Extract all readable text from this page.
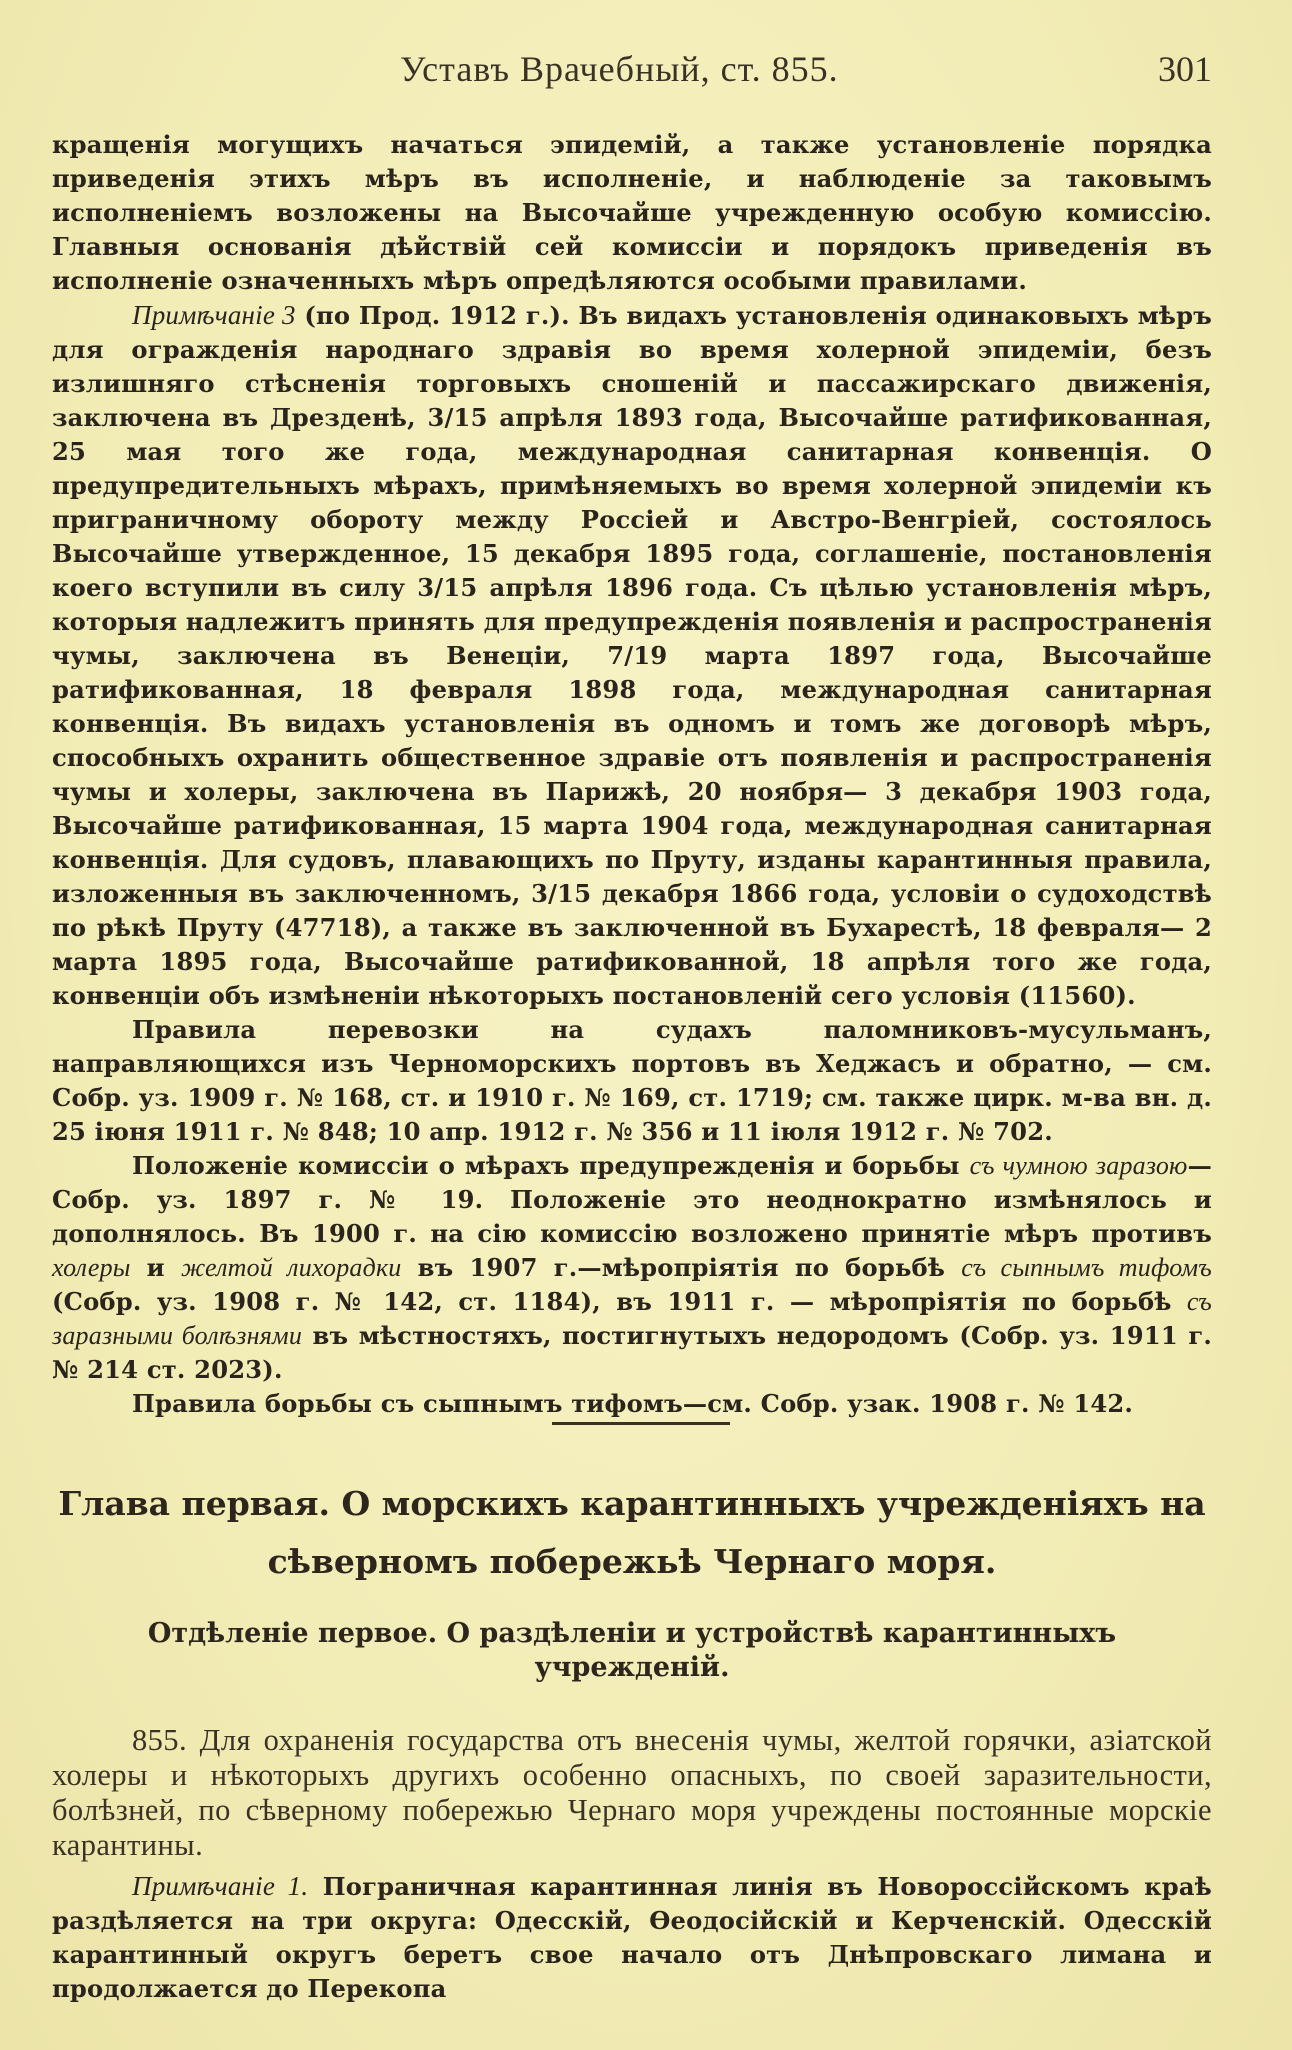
Уставъ Врачебный, ст. 855.	301

кращенія могущихъ начаться эпидемій, а также установленіе порядка приведенія этихъ мѣръ въ исполненіе, и наблюденіе за таковымъ исполненіемъ возложены на Высочайше учрежденную особую комиссію. Главныя основанія дѣйствій сей комиссіи и порядокъ приведенія въ исполненіе означенныхъ мѣръ опредѣляются особыми правилами.

Примѣчаніе 3 (по Прод. 1912 г.). Въ видахъ установленія одинаковыхъ мѣръ для огражденія народнаго здравія во время холерной эпидеміи, безъ излишняго стѣсненія торговыхъ сношеній и пассажирскаго движенія, заключена въ Дрезденѣ, 3/15 апрѣля 1893 года, Высочайше ратификованная, 25 мая того же года, международная санитарная конвенція. О предупредительныхъ мѣрахъ, примѣняемыхъ во время холерной эпидеміи къ приграничному обороту между Россіей и Австро-Венгріей, состоялось Высочайше утвержденное, 15 декабря 1895 года, соглашеніе, постановленія коего вступили въ силу 3/15 апрѣля 1896 года. Съ цѣлью установленія мѣръ, которыя надлежитъ принять для предупрежденія появленія и распространенія чумы, заключена въ Венеціи, 7/19 марта 1897 года, Высочайше ратификованная, 18 февраля 1898 года, международная санитарная конвенція. Въ видахъ установленія въ одномъ и томъ же договорѣ мѣръ, способныхъ охранить общественное здравіе отъ появленія и распространенія чумы и холеры, заключена въ Парижѣ, 20 ноября— 3 декабря 1903 года, Высочайше ратификованная, 15 марта 1904 года, международная санитарная конвенція. Для судовъ, плавающихъ по Пруту, изданы карантинныя правила, изложенныя въ заключенномъ, 3/15 декабря 1866 года, условіи о судоходствѣ по рѣкѣ Пруту (47718), а также въ заключенной въ Бухарестѣ, 18 февраля— 2 марта 1895 года, Высочайше ратификованной, 18 апрѣля того же года, конвенціи объ измѣненіи нѣкоторыхъ постановленій сего условія (11560).

Правила перевозки на судахъ паломниковъ-мусульманъ, направляющихся изъ Черноморскихъ портовъ въ Хеджасъ и обратно, — см. Собр. уз. 1909 г. № 168, ст. и 1910 г. № 169, ст. 1719; см. также цирк. м-ва вн. д. 25 іюня 1911 г. № 848; 10 апр. 1912 г. № 356 и 11 іюля 1912 г. № 702.

Положеніе комиссіи о мѣрахъ предупрежденія и борьбы съ чумною заразою— Собр. уз. 1897 г. № 19. Положеніе это неоднократно измѣнялось и дополнялось. Въ 1900 г. на сію комиссію возложено принятіе мѣръ противъ холеры и желтой лихорадки въ 1907 г.—мѣропріятія по борьбѣ съ сыпнымъ тифомъ (Собр. уз. 1908 г. № 142, ст. 1184), въ 1911 г. — мѣропріятія по борьбѣ съ заразными болѣзнями въ мѣстностяхъ, постигнутыхъ недородомъ (Собр. уз. 1911 г. № 214 ст. 2023).

Правила борьбы съ сыпнымъ тифомъ—см. Собр. узак. 1908 г. № 142.

Глава первая. О морскихъ карантинныхъ учрежденіяхъ на
сѣверномъ побережьѣ Чернаго моря.
Отдѣленіе первое. О раздѣленіи и устройствѣ карантинныхъ
учрежденій.

855. Для охраненія государства отъ внесенія чумы, желтой горячки, азіатской холеры и нѣкоторыхъ другихъ особенно опасныхъ, по своей заразительности, болѣзней, по сѣверному побережью Чернаго моря учреждены постоянные морскіе карантины.

Примѣчаніе 1. Пограничная карантинная линія въ Новороссійскомъ краѣ раздѣляется на три округа: Одесскій, Ѳеодосійскій и Керченскій. Одесскій карантинный округъ беретъ свое начало отъ Днѣпровскаго лимана и продолжается до Перекопа
